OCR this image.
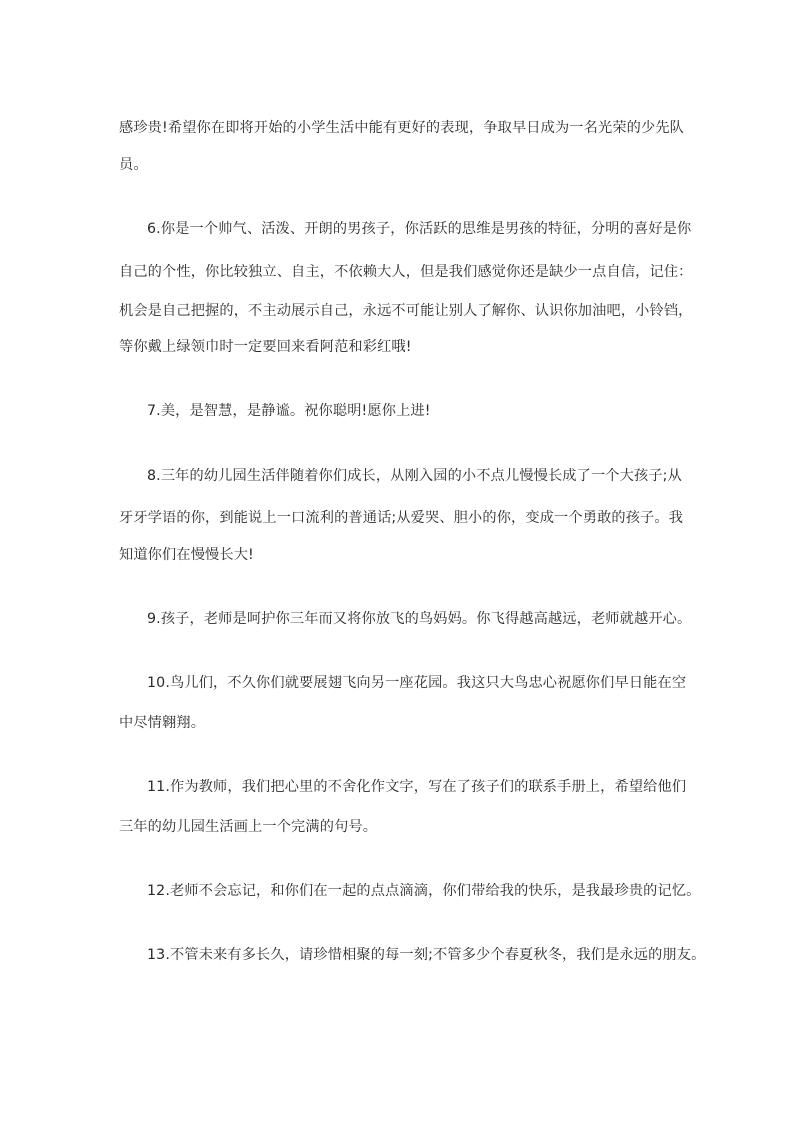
感珍贵!希望你在即将开始的小学生活中能有更好的表现，争取早日成为一名光荣的少先队
员。
6.你是一个帅气、活泼、开朗的男孩子，你活跃的思维是男孩的特征，分明的喜好是你
自己的个性，你比较独立、自主，不依赖大人，但是我们感觉你还是缺少一点自信，记住：
机会是自己把握的，不主动展示自己，永远不可能让别人了解你、认识你加油吧，小铃铛，
等你戴上绿领巾时一定要回来看阿范和彩红哦!
7.美，是智慧，是静谧。祝你聪明!愿你上进!
8.三年的幼儿园生活伴随着你们成长，从刚入园的小不点儿慢慢长成了一个大孩子;从
牙牙学语的你，到能说上一口流利的普通话;从爱哭、胆小的你，变成一个勇敢的孩子。我
知道你们在慢慢长大!
9.孩子，老师是呵护你三年而又将你放飞的鸟妈妈。你飞得越高越远，老师就越开心。
10.鸟儿们，不久你们就要展翅飞向另一座花园。我这只大鸟忠心祝愿你们早日能在空
中尽情翱翔。
11.作为教师，我们把心里的不舍化作文字，写在了孩子们的联系手册上，希望给他们
三年的幼儿园生活画上一个完满的句号。
12.老师不会忘记，和你们在一起的点点滴滴，你们带给我的快乐，是我最珍贵的记忆。
13.不管未来有多长久，请珍惜相聚的每一刻;不管多少个春夏秋冬，我们是永远的朋友。
